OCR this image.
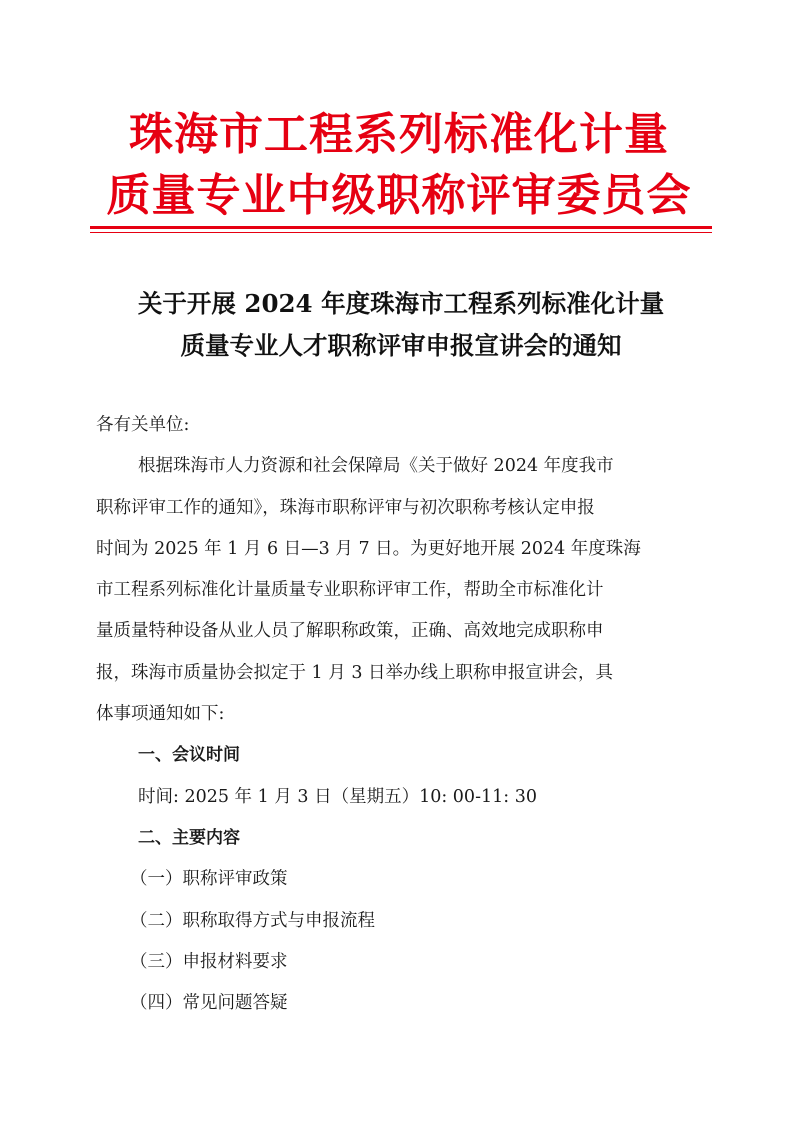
珠海市工程系列标准化计量
质量专业中级职称评审委员会
关于开展 2024 年度珠海市工程系列标准化计量
质量专业人才职称评审申报宣讲会的通知
各有关单位:
根据珠海市人力资源和社会保障局《关于做好 2024 年度我市
职称评审工作的通知》，珠海市职称评审与初次职称考核认定申报
时间为 2025 年 1 月 6 日—3 月 7 日。为更好地开展 2024 年度珠海
市工程系列标准化计量质量专业职称评审工作，帮助全市标准化计
量质量特种设备从业人员了解职称政策，正确、高效地完成职称申
报，珠海市质量协会拟定于 1 月 3 日举办线上职称申报宣讲会，具
体事项通知如下:
一、会议时间
时间: 2025 年 1 月 3 日（星期五）10: 00-11: 30
二、主要内容
（一）职称评审政策
（二）职称取得方式与申报流程
（三）申报材料要求
（四）常见问题答疑
